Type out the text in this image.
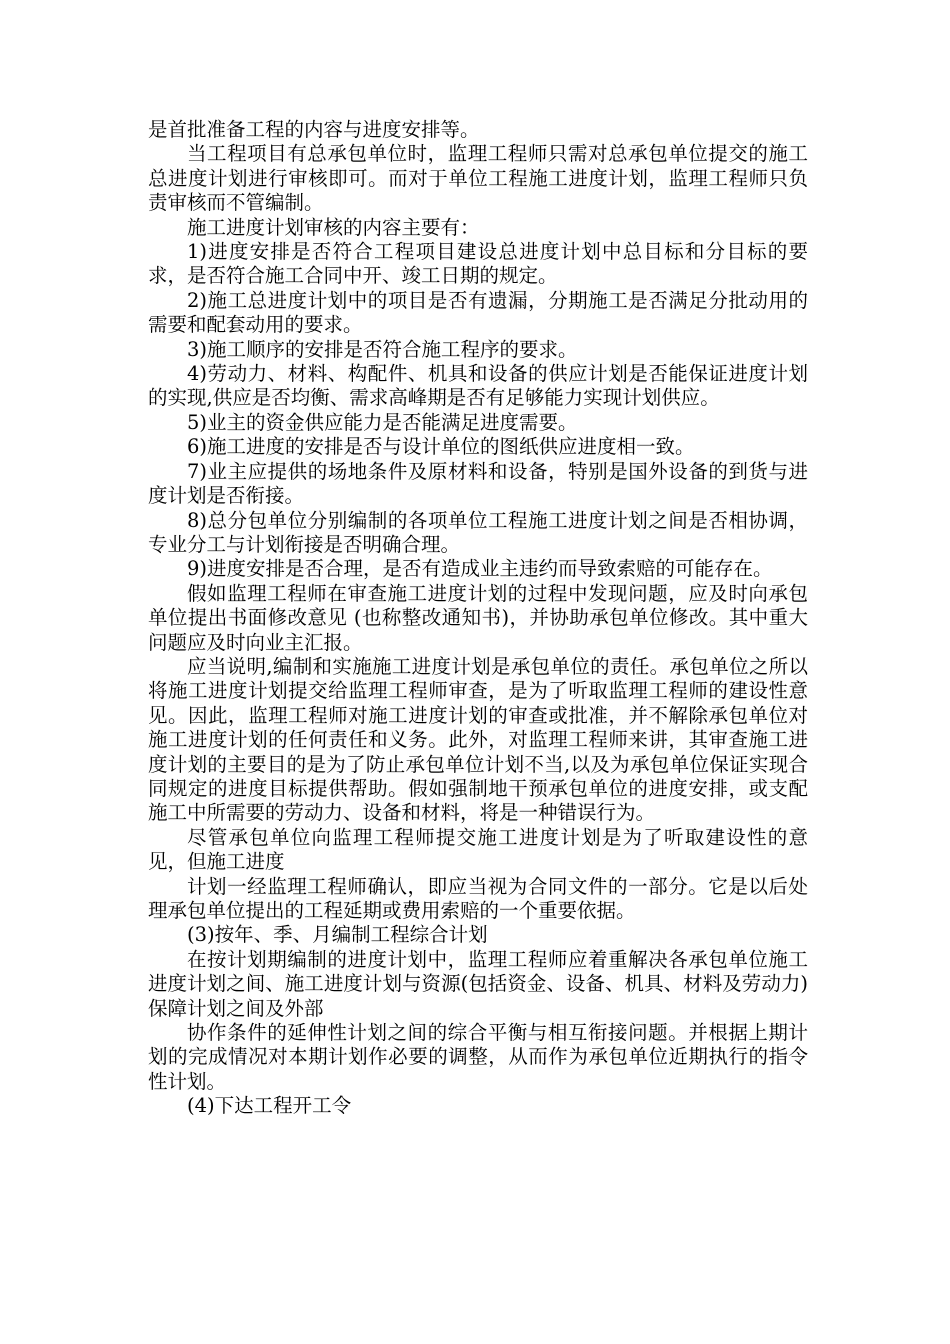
是首批准备工程的内容与进度安排等。

当工程项目有总承包单位时，监理工程师只需对总承包单位提交的施工总进度计划进行审核即可。而对于单位工程施工进度计划，监理工程师只负责审核而不管编制。

施工进度计划审核的内容主要有：

1)进度安排是否符合工程项目建设总进度计划中总目标和分目标的要求，是否符合施工合同中开、竣工日期的规定。

2)施工总进度计划中的项目是否有遗漏，分期施工是否满足分批动用的需要和配套动用的要求。

3)施工顺序的安排是否符合施工程序的要求。

4)劳动力、材料、构配件、机具和设备的供应计划是否能保证进度计划的实现,供应是否均衡、需求高峰期是否有足够能力实现计划供应。

5)业主的资金供应能力是否能满足进度需要。

6)施工进度的安排是否与设计单位的图纸供应进度相一致。

7)业主应提供的场地条件及原材料和设备，特别是国外设备的到货与进度计划是否衔接。

8)总分包单位分别编制的各项单位工程施工进度计划之间是否相协调，专业分工与计划衔接是否明确合理。

9)进度安排是否合理，是否有造成业主违约而导致索赔的可能存在。

假如监理工程师在审查施工进度计划的过程中发现问题，应及时向承包单位提出书面修改意见 (也称整改通知书)，并协助承包单位修改。其中重大问题应及时向业主汇报。

应当说明,编制和实施施工进度计划是承包单位的责任。承包单位之所以将施工进度计划提交给监理工程师审查，是为了听取监理工程师的建设性意见。因此，监理工程师对施工进度计划的审查或批准，并不解除承包单位对施工进度计划的任何责任和义务。此外，对监理工程师来讲，其审查施工进度计划的主要目的是为了防止承包单位计划不当,以及为承包单位保证实现合同规定的进度目标提供帮助。假如强制地干预承包单位的进度安排，或支配施工中所需要的劳动力、设备和材料，将是一种错误行为。

尽管承包单位向监理工程师提交施工进度计划是为了听取建设性的意见，但施工进度

计划一经监理工程师确认，即应当视为合同文件的一部分。它是以后处理承包单位提出的工程延期或费用索赔的一个重要依据。

(3)按年、季、月编制工程综合计划

在按计划期编制的进度计划中，监理工程师应着重解决各承包单位施工进度计划之间、施工进度计划与资源(包括资金、设备、机具、材料及劳动力)保障计划之间及外部

协作条件的延伸性计划之间的综合平衡与相互衔接问题。并根据上期计划的完成情况对本期计划作必要的调整，从而作为承包单位近期执行的指令性计划。

(4)下达工程开工令
